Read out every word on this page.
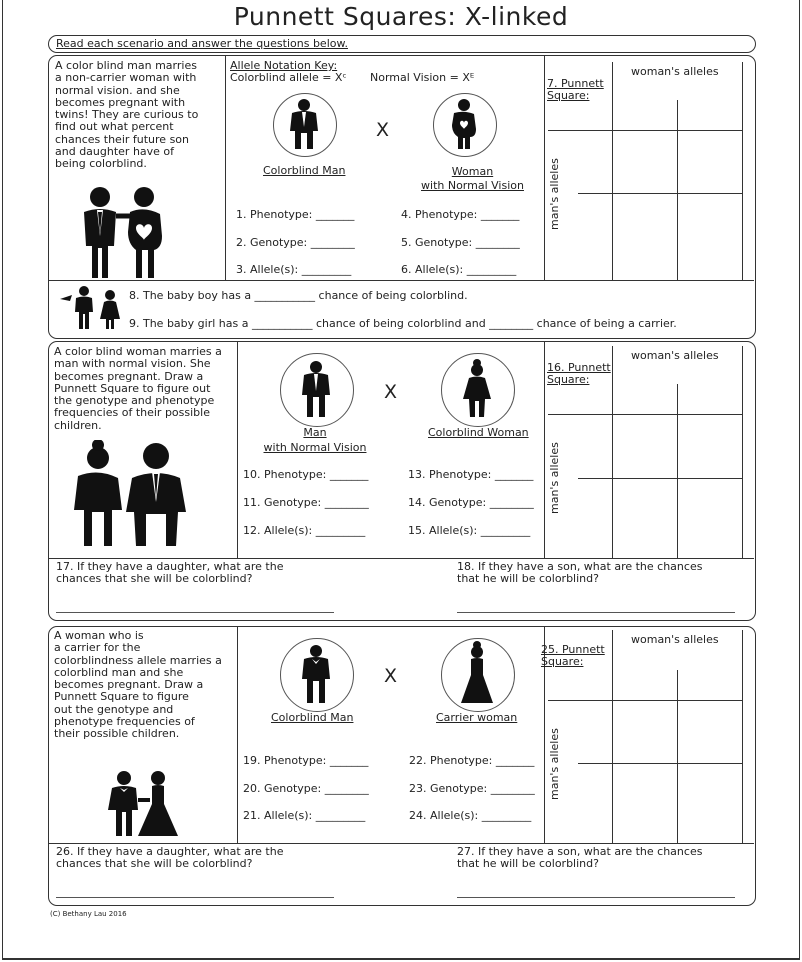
Punnett Squares: X-linked
Read each scenario and answer the questions below.
A color blind man marries
a non-carrier woman with
normal vision. and she
becomes pregnant with
twins! They are curious to
find out what percent
chances their future son
and daughter have of
being colorblind.
Allele Notation Key:
Colorblind allele = Xᶜ Normal Vision = Xᴱ
X
Colorblind Man	Woman
with Normal Vision
1. Phenotype: _______
2. Genotype: ________
3. Allele(s): _________
4. Phenotype: _______
5. Genotype: ________
6. Allele(s): _________
7. Punnett
Square:
woman's alleles
man's alleles
8. The baby boy has a ___________ chance of being colorblind.
9. The baby girl has a ___________ chance of being colorblind and ________ chance of being a carrier.
A color blind woman marries a
man with normal vision. She
becomes pregnant. Draw a
Punnett Square to figure out
the genotype and phenotype
frequencies of their possible
children.
X
Man
with Normal Vision
Colorblind Woman
10. Phenotype: _______
11. Genotype: ________
12. Allele(s): _________
13. Phenotype: _______
14. Genotype: ________
15. Allele(s): _________
16. Punnett
Square:
woman's alleles
man's alleles
17. If they have a daughter, what are the
chances that she will be colorblind?
18. If they have a son, what are the chances
that he will be colorblind?
A woman who is
a carrier for the
colorblindness allele marries a
colorblind man and she
becomes pregnant. Draw a
Punnett Square to figure
out the genotype and
phenotype frequencies of
their possible children.
X
Colorblind Man	Carrier woman
19. Phenotype: _______
20. Genotype: ________
21. Allele(s): _________
22. Phenotype: _______
23. Genotype: ________
24. Allele(s): _________
25. Punnett
Square:
woman's alleles
man's alleles
26. If they have a daughter, what are the
chances that she will be colorblind?
27. If they have a son, what are the chances
that he will be colorblind?
(C) Bethany Lau 2016
